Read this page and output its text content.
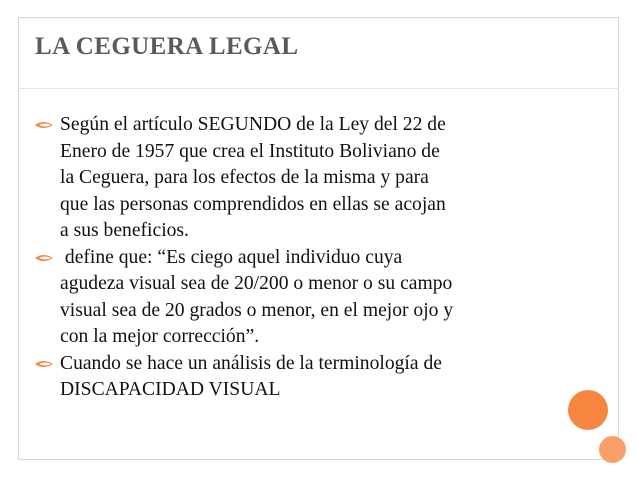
LA CEGUERA LEGAL
Según el artículo SEGUNDO de la Ley del 22 de
Enero de 1957 que crea el Instituto Boliviano de
la Ceguera, para los efectos de la misma y para
que las personas comprendidos en ellas se acojan
a sus beneficios.
define que: “Es ciego aquel individuo cuya
agudeza visual sea de 20/200 o menor o su campo
visual sea de 20 grados o menor, en el mejor ojo y
con la mejor corrección”.
Cuando se hace un análisis de la terminología de
DISCAPACIDAD VISUAL
